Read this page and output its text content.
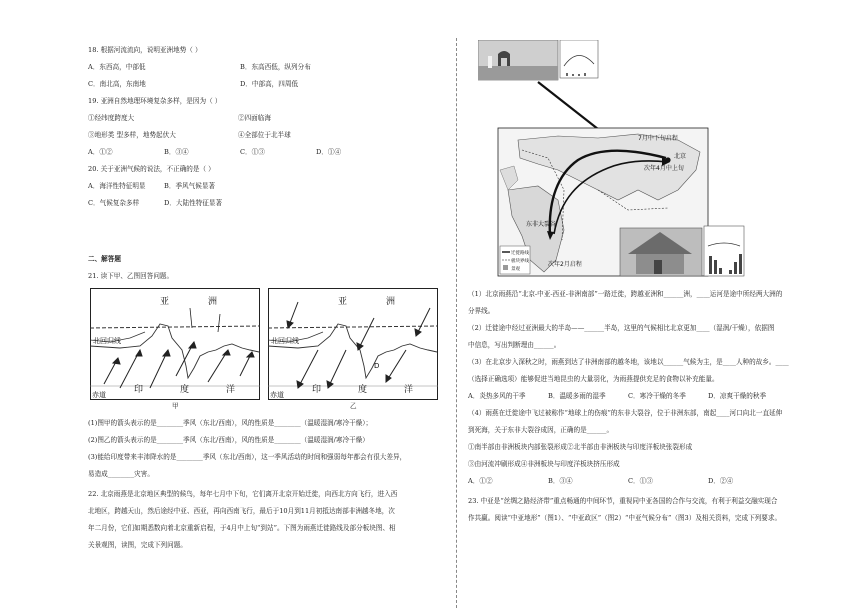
18. 根据河流流向，说明亚洲地势（ ）
A．东西高，中部低	B．东高西低，纵列分布
C．南北高，东南地	D．中部高，四周低
19. 亚洲自然地理环境复杂多样，是因为（ ）
①经纬度跨度大	②四面临海
③地形类 型多样，地势起伏大	④全部位于北半球
A．①②	B．③④	C．①③	D．①④
20. 关于亚洲气候的说法，不正确的是（ ）
A．海洋性特征明显	B．季风气候显著
C．气候复杂多样	D．大陆性特征显著
二、解答题
21. 读下甲、乙图回答问题。
亚	洲
北回归线
赤道	印	度	洋
甲
亚	洲
北回归线
赤道	印	度	洋
D
乙
(1)图甲的箭头表示的是________季风（东北/西南），风的性质是________（温暖湿润/寒冷干燥）；
(2)图乙的箭头表示的是________季风（东北/西南），风的性质是________（温暖湿润/寒冷干燥）
(3)能给印度带来丰沛降水的是________季风（东北/西南），这一季风活动的时间和强弱每年都会有很大差异，
易造成________灾害。
22. 北京雨燕是北京地区典型的候鸟，每年七月中下旬，它们离开北京开始迁徙，向西北方向飞行，进入西
北地区，跨越天山，然后途经中亚、西亚，再向西南飞行，最后于10月到11月初抵达南部非洲越冬地，次
年二月份，它们如期悉数向着北京重新启程，于4月中上旬“到站”。下图为雨燕迁徙路线及部分板块图、相
关景观图，读图，完成下列问题。
7月中下旬启程
北京
次年4月中上旬
东非大裂谷
次年2月启程
迁徙路线
板块界线
景观
（1）北京雨燕沿“北京-中亚-西亚-非洲南部”一路迁徙，跨越亚洲和______洲，____运河是途中所经两大洲的
分界线。
（2）迁徙途中经过亚洲最大的半岛——______半岛，这里的气候相比北京更加____（湿润/干燥），依据图
中信息，写出判断理由______。
（3）在北京步入深秋之时，雨燕到达了非洲南部的越冬地，该地以______气候为主，是____人种的故乡。____
（选择正确选项）能够促进当地昆虫的大量羽化，为雨燕提供充足的食物以补充能量。
A．炎热多风的干季	B．温暖多雨的湿季	C．寒冷干燥的冬季	D．凉爽干燥的秋季
（4）雨燕在迁徙途中飞过被称作“地球上的伤痕”的东非大裂谷，位于非洲东部，南起____河口向北一直延伸
到死海，关于东非大裂谷成因，正确的是______。
①南半部由非洲板块内部张裂形成②北半部由非洲板块与印度洋板块张裂形成
③由河流冲刷形成④非洲板块与印度洋板块挤压形成
A．①②	B．③④	C．①③	D．②④
23. 中亚是“丝绸之路经济带”重点畅通的中间环节，重视同中亚各国的合作与交流，有利于利益交融实现合
作共赢。阅读“中亚地形”（图1）、“中亚政区”（图2）“中亚气候分布”（图3）及相关资料，完成下列要求。
